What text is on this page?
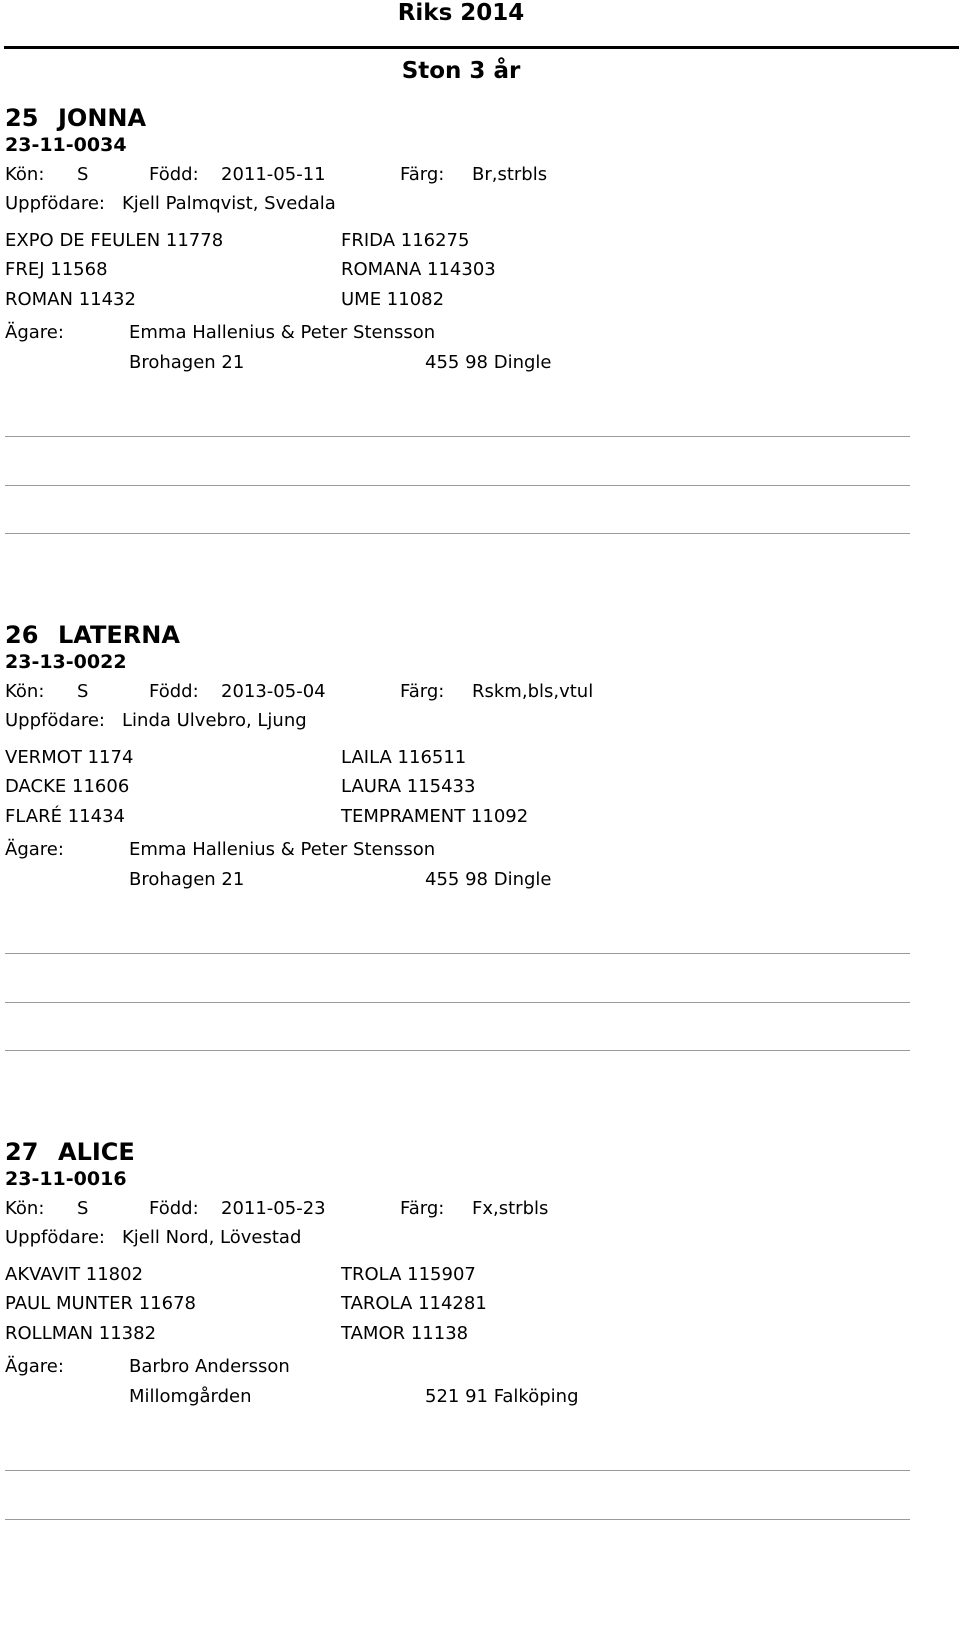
Riks 2014
Ston 3 år
25 JONNA
23-11-0034
Kön: S	Född: 2011-05-11	Färg: Br,strbls
Uppfödare: Kjell Palmqvist, Svedala
EXPO DE FEULEN 11778	FRIDA 116275
FREJ 11568	ROMANA 114303
ROMAN 11432	UME 11082
Ägare:	Emma Hallenius & Peter Stensson
Brohagen 21	455 98 Dingle
26 LATERNA
23-13-0022
Kön: S	Född: 2013-05-04	Färg: Rskm,bls,vtul
Uppfödare: Linda Ulvebro, Ljung
VERMOT 1174	LAILA 116511
DACKE 11606	LAURA 115433
FLARÉ 11434	TEMPRAMENT 11092
Ägare:	Emma Hallenius & Peter Stensson
Brohagen 21	455 98 Dingle
27 ALICE
23-11-0016
Kön: S	Född: 2011-05-23	Färg: Fx,strbls
Uppfödare: Kjell Nord, Lövestad
AKVAVIT 11802	TROLA 115907
PAUL MUNTER 11678	TAROLA 114281
ROLLMAN 11382	TAMOR 11138
Ägare:	Barbro Andersson
Millomgården	521 91 Falköping
